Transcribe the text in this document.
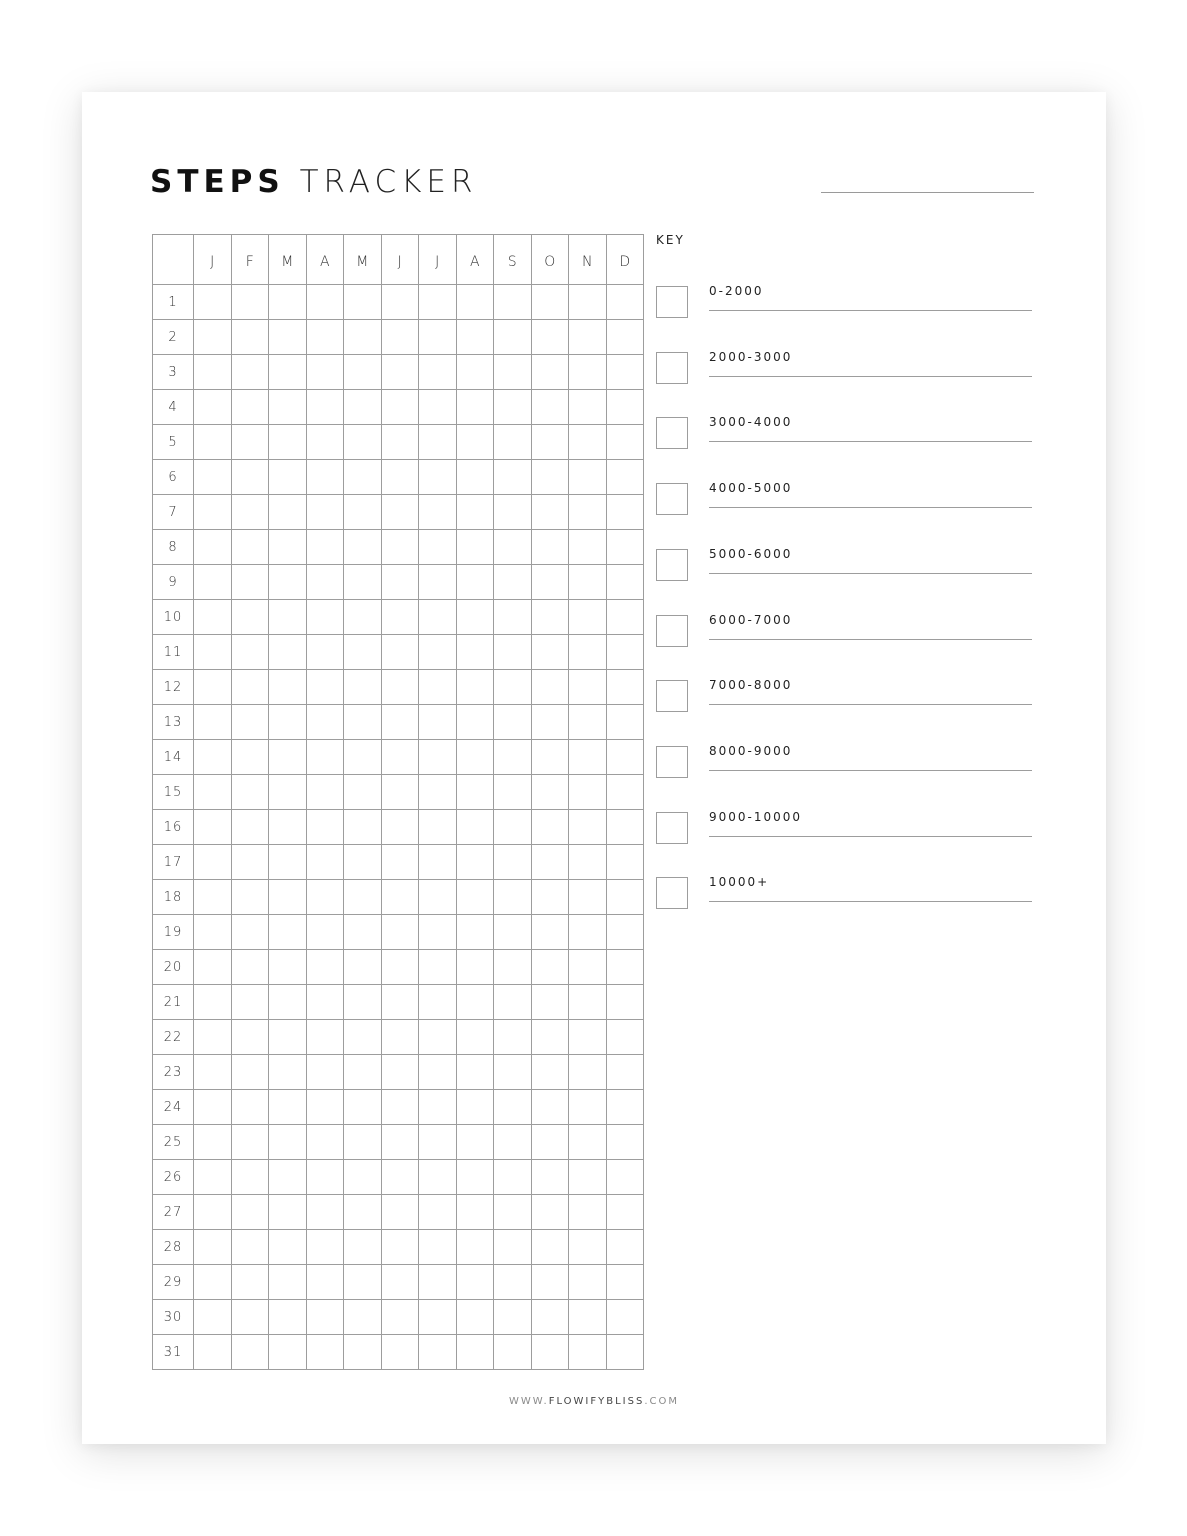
STEPS TRACKER
	J	F	M	A	M	J	J	A	S	O	N	D
1												
2												
3												
4												
5												
6												
7												
8												
9												
10												
11												
12												
13												
14												
15												
16												
17												
18												
19												
20												
21												
22												
23												
24												
25												
26												
27												
28												
29												
30												
31												
KEY
0-2000
2000-3000
3000-4000
4000-5000
5000-6000
6000-7000
7000-8000
8000-9000
9000-10000
10000+
WWW.FLOWIFYBLISS.COM
